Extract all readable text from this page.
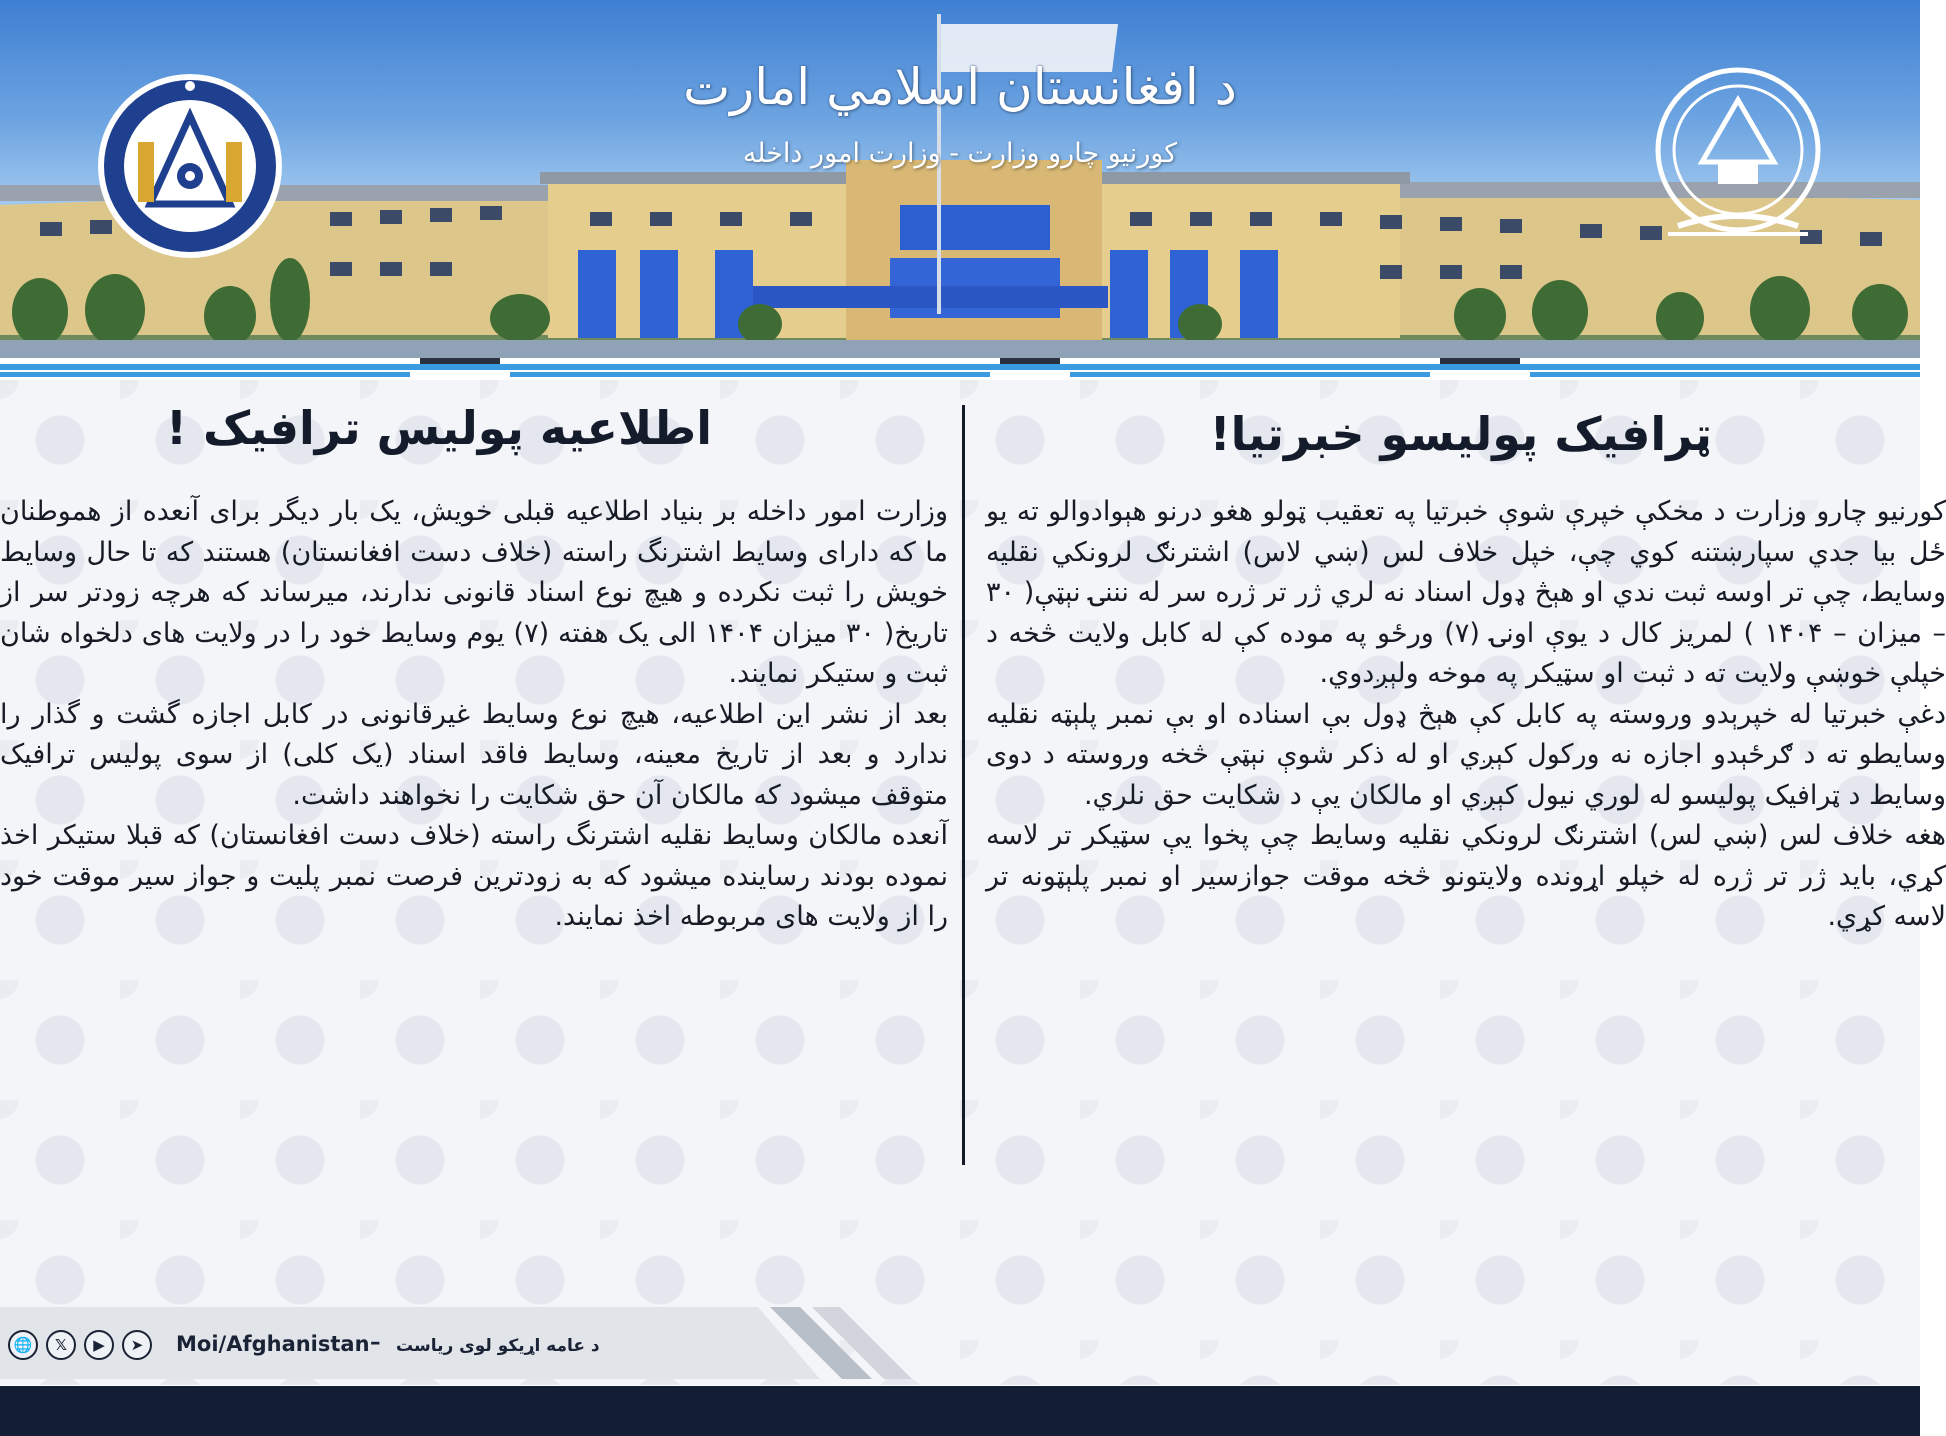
د افغانستان اسلامي امارت
کورنیو چارو وزارت - وزارت امور داخله
اطلاعیه پولیس ترافیک !	ټرافیک پولیسو خبرتیا!

وزارت امور داخله بر بنیاد اطلاعیه قبلی خویش، یک بار دیگر برای آنعده از هموطنان ما که دارای وسایط اشترنگ راسته (خلاف دست افغانستان) هستند که تا حال وسایط خویش را ثبت نکرده و هیچ نوع اسناد قانونی ندارند، میرساند که هرچه زودتر سر از تاریخ( ۳۰ میزان ۱۴۰۴ الی یک هفته (۷) یوم وسایط خود را در ولایت های دلخواه شان ثبت و ستیکر نمایند.

بعد از نشر این اطلاعیه، هیچ نوع وسایط غیرقانونی در کابل اجازه گشت و گذار را ندارد و بعد از تاریخ معینه، وسایط فاقد اسناد (یک کلی) از سوی پولیس ترافیک متوقف میشود که مالکان آن حق شکایت را نخواهند داشت.

آنعده مالکان وسایط نقلیه اشترنگ راسته (خلاف دست افغانستان) که قبلا ستیکر اخذ نموده بودند رساینده میشود که به زودترین فرصت نمبر پلیت و جواز سیر موقت خود را از ولایت های مربوطه اخذ نمایند.

کورنیو چارو وزارت د مخکې خپرې شوې خبرتیا په تعقیب ټولو هغو درنو هېوادوالو ته یو ځل بیا جدي سپارښتنه کوي چې، خپل خلاف لس (ښي لاس) اشترنګ لرونکي نقلیه وسایط، چې تر اوسه ثبت ندي او هېڅ ډول اسناد نه لري ژر تر ژره سر له نننۍ نېټې( ۳۰ – میزان – ۱۴۰۴ ) لمریز کال د یوې اونۍ (۷) ورځو په موده کې له کابل ولایت څخه د خپلې خوښې ولایت ته د ثبت او سټیکر په موخه ولېږدوي.

دغې خبرتیا له خپرېدو وروسته په کابل کې هېڅ ډول بې اسناده او بې نمبر پلېټه نقلیه وسایطو ته د ګرځېدو اجازه نه ورکول کېږي او له ذکر شوې نېټې څخه وروسته د دوی وسایط د ټرافیک پولیسو له لوري نیول کېږي او مالکان یې د شکایت حق نلري.

هغه خلاف لس (ښي لس) اشترنګ لرونکي نقلیه وسایط چې پخوا یې سټیکر تر لاسه کړي، باید ژر تر ژره له خپلو اړونده ولایتونو څخه موقت جوازسیر او نمبر پلېټونه تر لاسه کړي.

🌐 𝕏 ▶ ➤ Moi/Afghanistan – د عامه اړیکو لوی ریاست
